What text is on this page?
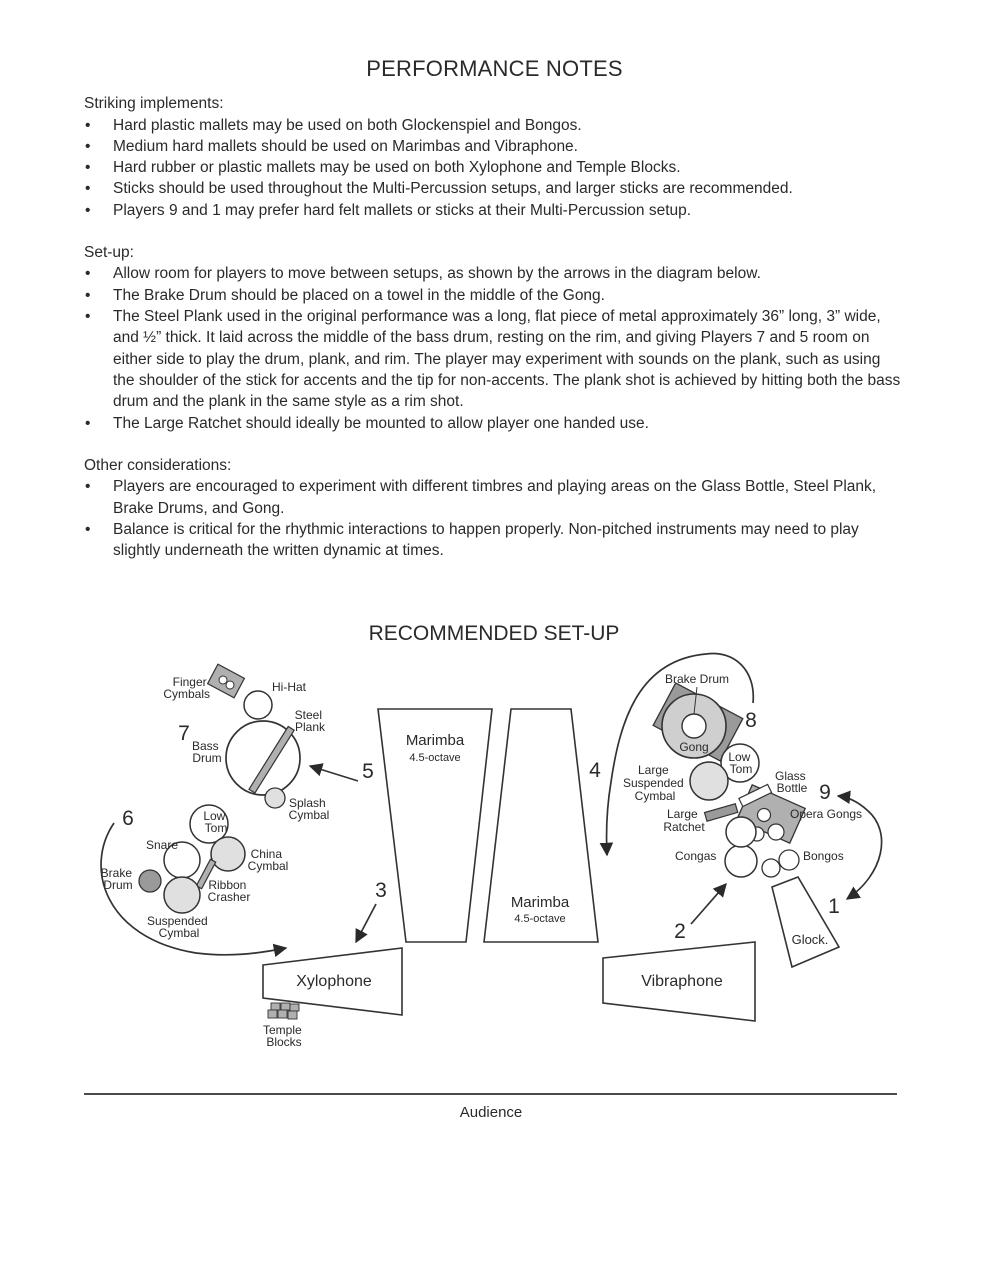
PERFORMANCE NOTES

Striking implements:

• Hard plastic mallets may be used on both Glockenspiel and Bongos.
• Medium hard mallets should be used on Marimbas and Vibraphone.
• Hard rubber or plastic mallets may be used on both Xylophone and Temple Blocks.
• Sticks should be used throughout the Multi-Percussion setups, and larger sticks are recommended.
• Players 9 and 1 may prefer hard felt mallets or sticks at their Multi-Percussion setup.

Set-up:

• Allow room for players to move between setups, as shown by the arrows in the diagram below.
• The Brake Drum should be placed on a towel in the middle of the Gong.
• The Steel Plank used in the original performance was a long, flat piece of metal approximately 36” long, 3” wide, and ½” thick. It laid across the middle of the bass drum, resting on the rim, and giving Players 7 and 5 room on either side to play the drum, plank, and rim. The player may experiment with sounds on the plank, such as using the shoulder of the stick for accents and the tip for non-accents. The plank shot is achieved by hitting both the bass drum and the plank in the same style as a rim shot.
• The Large Ratchet should ideally be mounted to allow player one handed use.

Other considerations:

• Players are encouraged to experiment with different timbres and playing areas on the Glass Bottle, Steel Plank, Brake Drums, and Gong.
• Balance is critical for the rhythmic interactions to happen properly. Non-pitched instruments may need to play slightly underneath the written dynamic at times.
RECOMMENDED SET-UP
Finger Cymbals	Hi-Hat
Steel Plank
Bass Drum
Splash Cymbal
Low Tom
Snare
China Cymbal
Brake Drum	Ribbon Crasher
Suspended Cymbal
Xylophone
Temple Blocks
Marimba
4.5-octave
Marimba
4.5-octave
Vibraphone
Brake Drum
Gong
Low Tom
Large Suspended Cymbal
Glass Bottle
Opera Gongs
Large Ratchet
Congas	Bongos
Glock.
7
6
5
3
4
2
8
9
1
Audience
